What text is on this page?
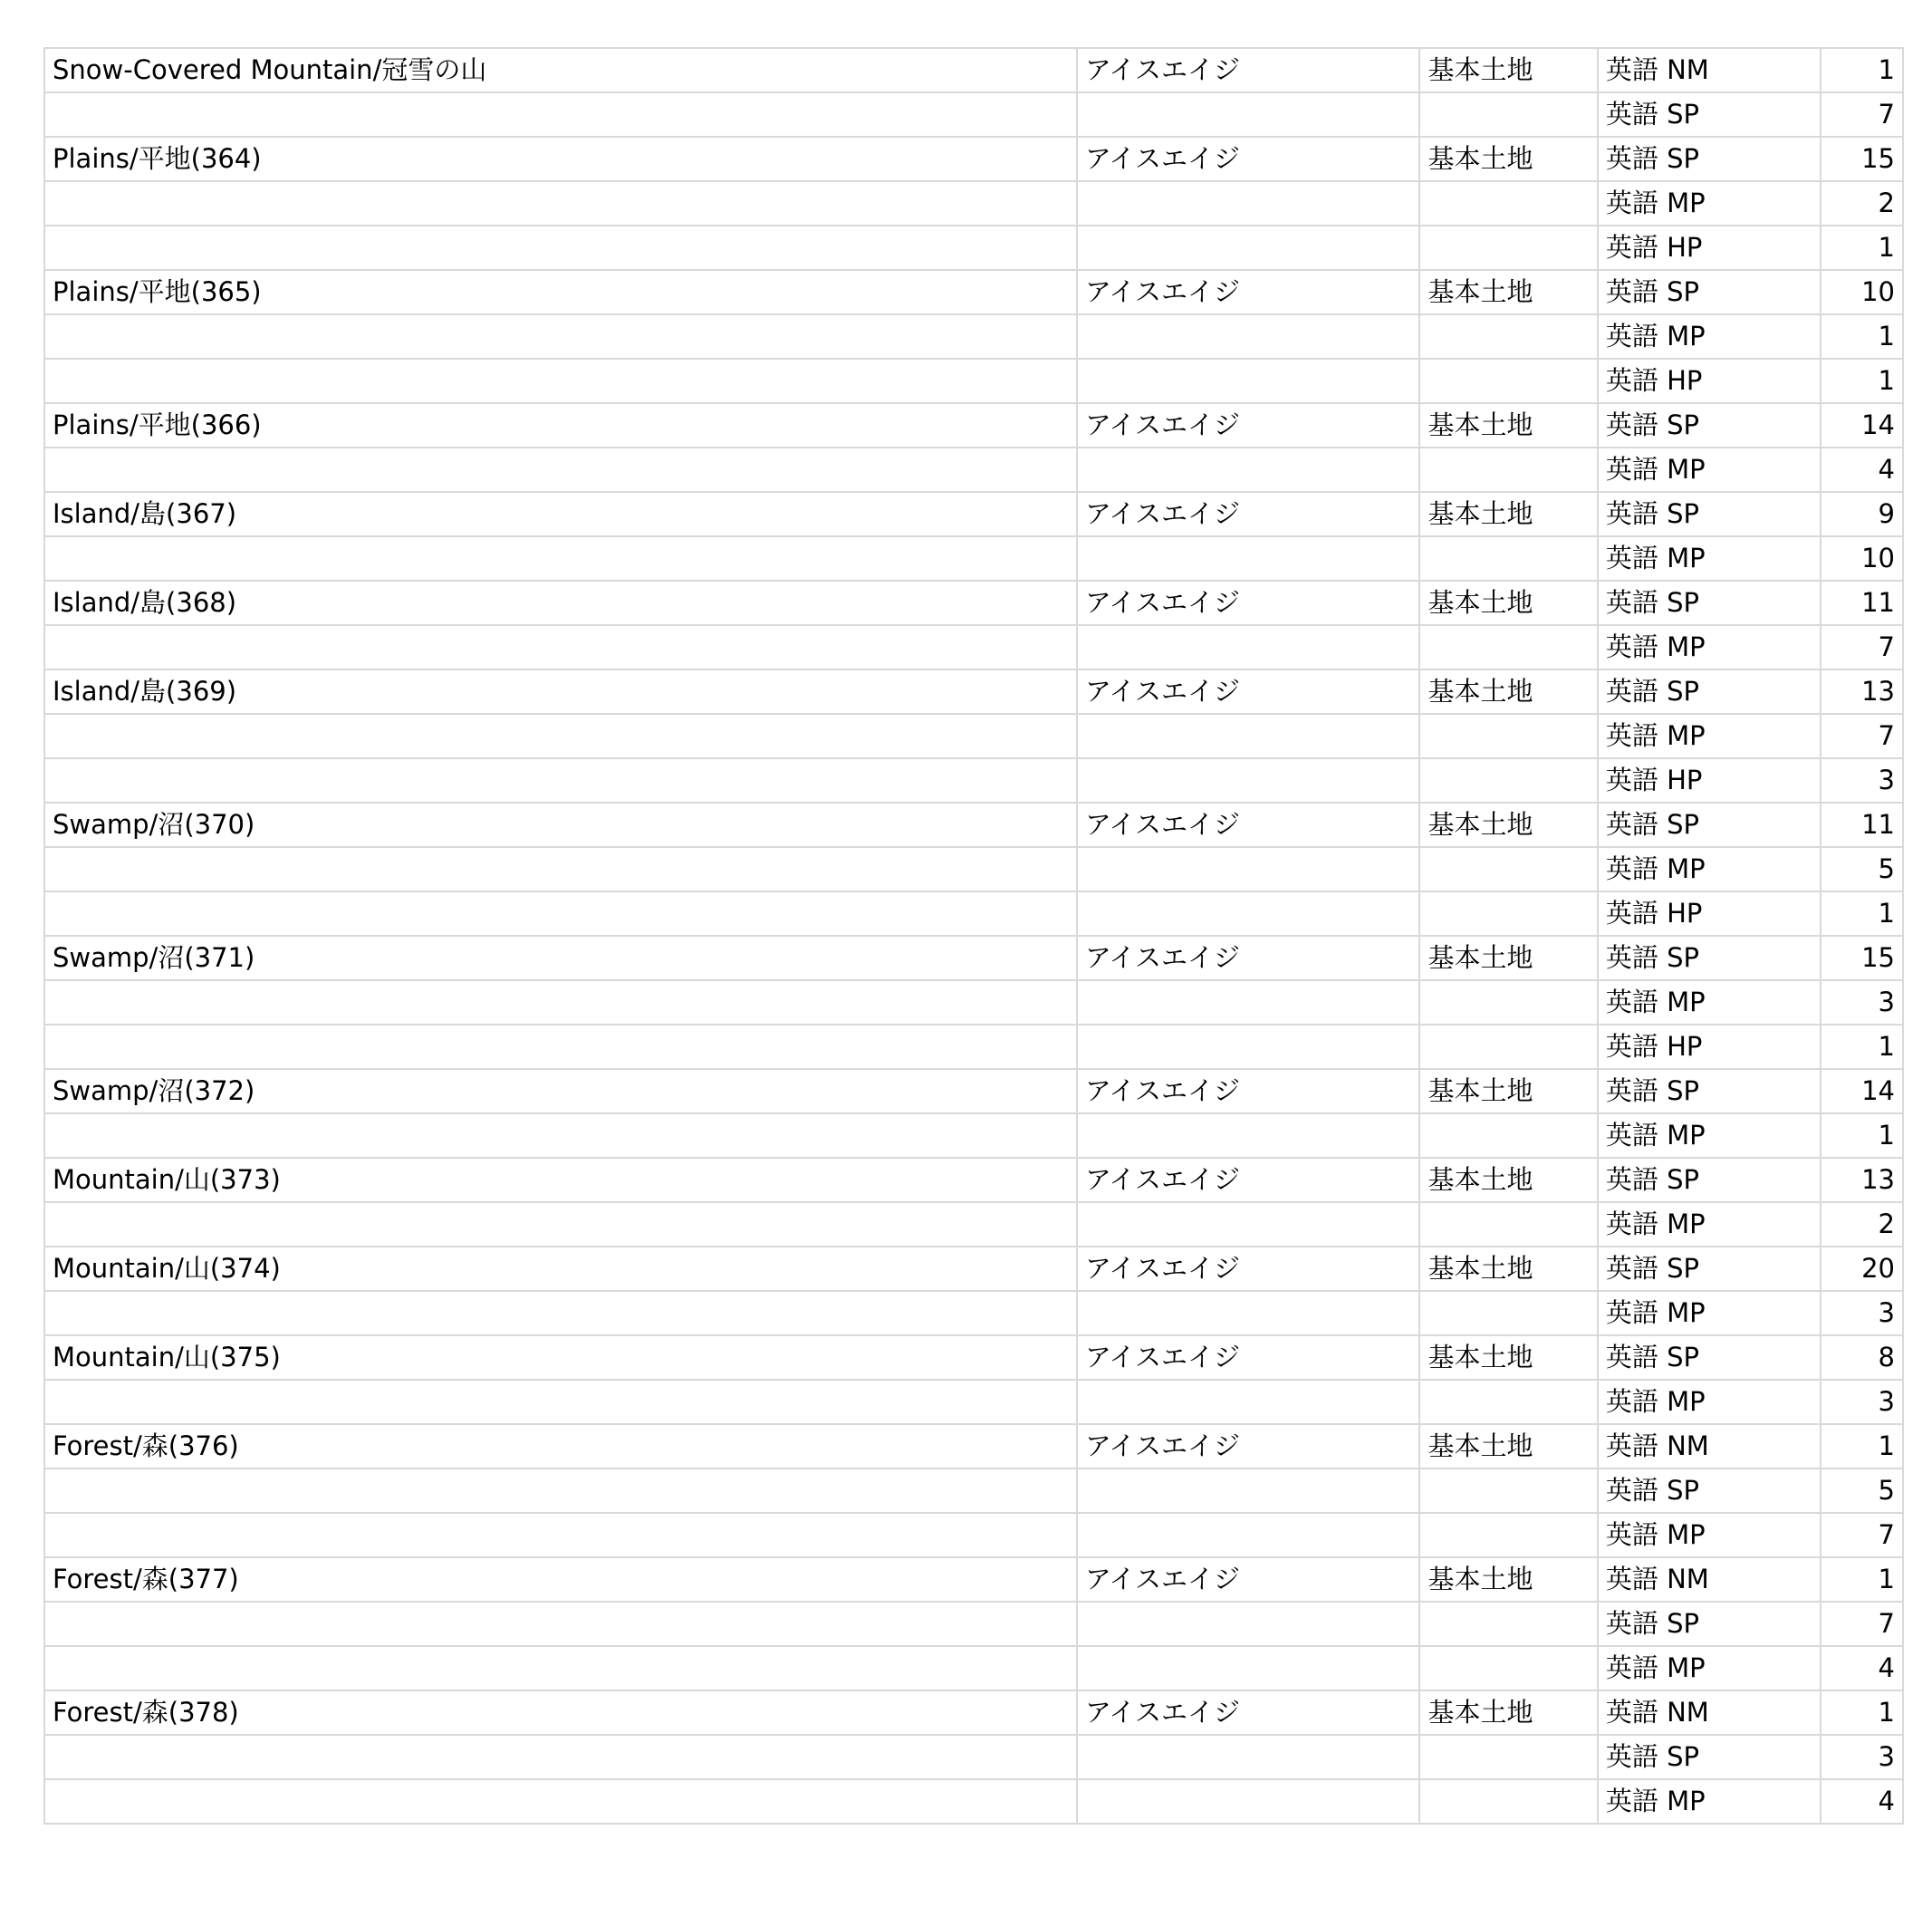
Snow-Covered Mountain/冠雪の山	アイスエイジ	基本土地	英語 NM	1
			英語 SP	7
Plains/平地(364)	アイスエイジ	基本土地	英語 SP	15
			英語 MP	2
			英語 HP	1
Plains/平地(365)	アイスエイジ	基本土地	英語 SP	10
			英語 MP	1
			英語 HP	1
Plains/平地(366)	アイスエイジ	基本土地	英語 SP	14
			英語 MP	4
Island/島(367)	アイスエイジ	基本土地	英語 SP	9
			英語 MP	10
Island/島(368)	アイスエイジ	基本土地	英語 SP	11
			英語 MP	7
Island/島(369)	アイスエイジ	基本土地	英語 SP	13
			英語 MP	7
			英語 HP	3
Swamp/沼(370)	アイスエイジ	基本土地	英語 SP	11
			英語 MP	5
			英語 HP	1
Swamp/沼(371)	アイスエイジ	基本土地	英語 SP	15
			英語 MP	3
			英語 HP	1
Swamp/沼(372)	アイスエイジ	基本土地	英語 SP	14
			英語 MP	1
Mountain/山(373)	アイスエイジ	基本土地	英語 SP	13
			英語 MP	2
Mountain/山(374)	アイスエイジ	基本土地	英語 SP	20
			英語 MP	3
Mountain/山(375)	アイスエイジ	基本土地	英語 SP	8
			英語 MP	3
Forest/森(376)	アイスエイジ	基本土地	英語 NM	1
			英語 SP	5
			英語 MP	7
Forest/森(377)	アイスエイジ	基本土地	英語 NM	1
			英語 SP	7
			英語 MP	4
Forest/森(378)	アイスエイジ	基本土地	英語 NM	1
			英語 SP	3
			英語 MP	4
